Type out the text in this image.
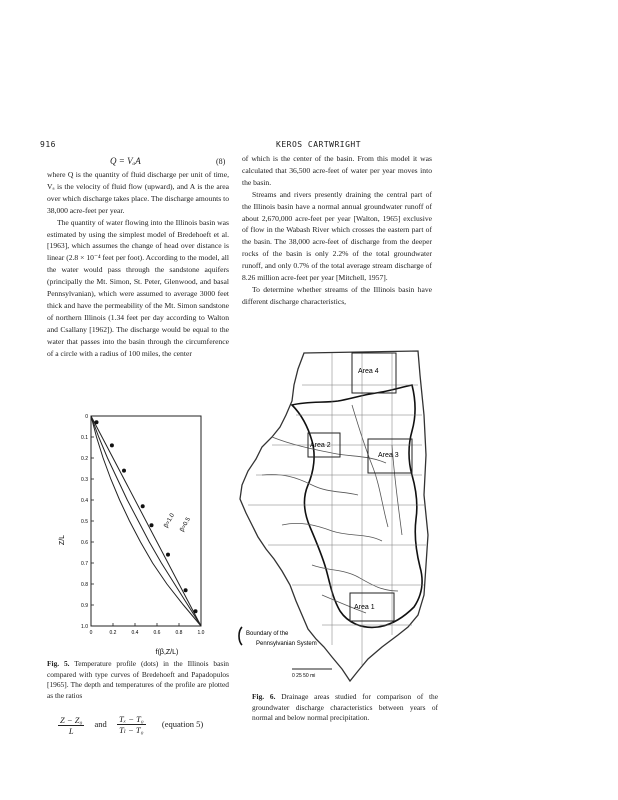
916	KEROS CARTWRIGHT
Q = VₐA	(8)

where Q is the quantity of fluid discharge per unit of time, Vₐ is the velocity of fluid flow (upward), and A is the area over which discharge takes place. The discharge amounts to 38,000 acre-feet per year.

The quantity of water flowing into the Illinois basin was estimated by using the simplest model of Bredehoeft et al. [1963], which assumes the change of head over distance is linear (2.8 × 10⁻⁴ feet per foot). According to the model, all the water would pass through the sandstone aquifers (principally the Mt. Simon, St. Peter, Glenwood, and basal Pennsylvanian), which were assumed to average 3000 feet thick and have the permeability of the Mt. Simon sandstone of northern Illinois (1.34 feet per day according to Walton and Csallany [1962]). The discharge would be equal to the water that passes into the basin through the circumference of a circle with a radius of 100 miles, the center

of which is the center of the basin. From this model it was calculated that 36,500 acre-feet of water per year moves into the basin.

Streams and rivers presently draining the central part of the Illinois basin have a normal annual groundwater runoff of about 2,670,000 acre-feet per year [Walton, 1965] exclusive of flow in the Wabash River which crosses the eastern part of the basin. The 38,000 acre-feet of discharge from the deeper rocks of the basin is only 2.2% of the total groundwater runoff, and only 0.7% of the total average stream discharge of 8.26 million acre-feet per year [Mitchell, 1957].

To determine whether streams of the Illinois basin have different discharge characteristics,

0
0.1
0.2
0.3
0.4
0.5
0.6
0.7
0.8
0.9
1.0
0	0.2	0.4	0.6	0.8	1.0
Z/L
f(β,Z/L)
β=0.5
β=1.0
Fig. 5. Temperature profile (dots) in the Illinois basin compared with type curves of Bredehoeft and Papadopulos [1965]. The depth and temperatures of the profile are plotted as the ratios
$\frac{\text{Z − Z₀}}{L}$ and $\frac{\text{Tₓ − T₀}}{\text{Tₗ − T₀}}$ (equation 5)
Area 4
Area 2
Area 3
Area 1
Boundary of the
Pennsylvanian System
0 25 50 mi
Fig. 6. Drainage areas studied for comparison of the groundwater discharge characteristics between years of normal and below normal precipitation.
